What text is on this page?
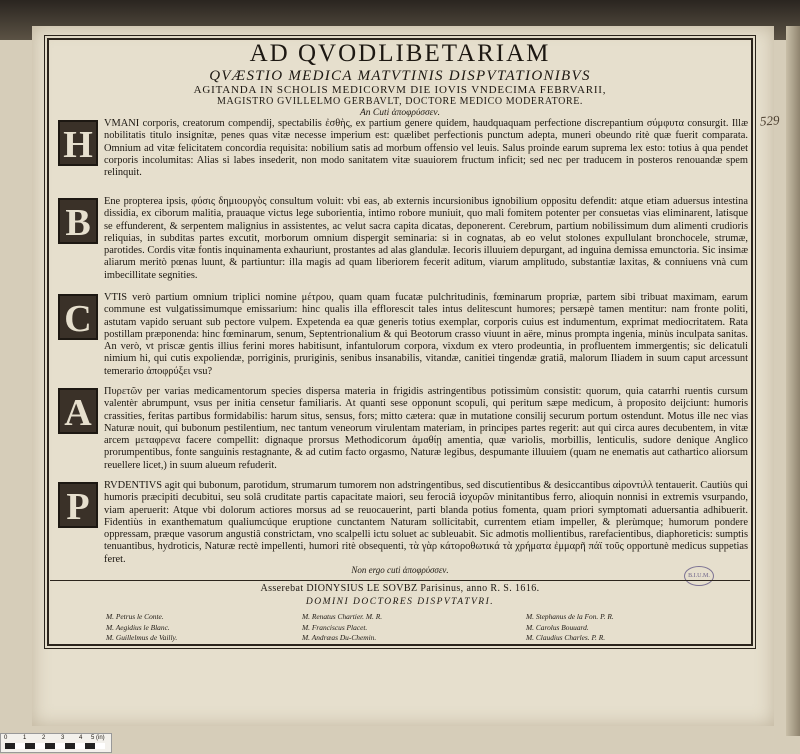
AD QVODLIBETARIAM

QVÆSTIO MEDICA MATVTINIS DISPVTATIONIBVS

AGITANDA IN SCHOLIS MEDICORVM DIE IOVIS VNDECIMA FEBRVARII,

MAGISTRO GVILLELMO GERBAVLT, DOCTORE MEDICO MODERATORE.

An Cuti ἀποφρύσσεν.	529
H

VMANI corporis, creatorum compendij, spectabilis ἐσθὴς, ex partium genere quidem, haudquaquam perfectione discrepantium σύμφυτα consurgit. Illæ nobilitatis titulo insignitæ, penes quas vitæ necesse imperium est: quælibet perfectionis punctum adepta, muneri obeundo ritè quæ fuerit comparata. Omnium ad vitæ felicitatem concordia requisita: nobilium satis ad morbum offensio vel leuis. Salus proinde earum suprema lex esto: totius à qua pendet corporis incolumitas: Alias si labes insederit, non modo sanitatem vitæ suauiorem fructum inficit; sed nec per traducem in posteros renouandæ spem relinquit.

B

Ene propterea ipsis, φύσις δημιουργὸς consultum voluit: vbi eas, ab externis incursionibus ignobilium oppositu defendit: atque etiam aduersus intestina dissidia, ex ciborum malitia, prauaque victus lege suborientia, intimo robore muniuit, quo mali fomitem potenter per consuetas vias eliminarent, latisque se effunderent, & serpentem malignius in assistentes, ac velut sacra capita dicatas, deponerent. Cerebrum, partium nobilissimum dum alimenti crudioris reliquias, in subditas partes excutit, morborum omnium dispergit seminaria: si in cognatas, ab eo velut stolones expullulant bronchocele, strumæ, parotides. Cordis vitæ fontis inquinamenta exhauriunt, prostantes ad alas glandulæ. Iecoris illuuiem depurgant, ad inguina demissa emunctoria. Sic insimæ aliarum meritò pœnas luunt, & partiuntur: illa magis ad quam liberiorem fecerit aditum, viarum amplitudo, substantiæ laxitas, & conniuens vnà cum imbecillitate segnities.

C

VTIS verò partium omnium triplici nomine μέτρου, quam quam fucatæ pulchritudinis, fœminarum propriæ, partem sibi tribuat maximam, earum commune est vulgatissimumque emissarium: hinc qualis illa efflorescit tales intus delitescunt humores; persæpè tamen mentitur: nam fronte politi, astutam vapido seruant sub pectore vulpem. Expetenda ea quæ generis totius exemplar, corporis cuius est indumentum, exprimat mediocritatem. Rata postillam præponenda: hinc fœminarum, senum, Septentrionalium & qui Beotorum crasso viuunt in aëre, minus prompta ingenia, minùs inculpata sanitas. An verò, vt priscæ gentis illius ferini mores habitisunt, infantulorum corpora, vixdum ex vtero prodeuntia, in profluentem immergentis; sic delicatuli nimium hi, qui cutis expoliendæ, porriginis, pruriginis, senibus insanabilis, vitandæ, canitiei tingendæ gratiâ, malorum Iliadem in suum caput arcessunt temerario ἀποφρύξει vsu?

A

Πυρετῶν per varias medicamentorum species dispersa materia in frigidis astringentibus potissimùm consistit: quorum, quia catarrhi ruentis cursum valentèr abrumpunt, vsus per initia censetur familiaris. At quanti sese opponunt scopuli, qui peritum sæpe medicum, à proposito deijciunt: humoris crassities, feritas partibus formidabilis: harum situs, sensus, fors; mitto cætera: quæ in mutatione consilij securum portum ostendunt. Motus ille nec vias Naturæ nouit, qui bubonum pestilentium, nec tantum veneorum virulentam materiam, in principes partes regerit: aut qui circa aures decubentem, in vitæ arcem μεταφρενα facere compellit: dignaque prorsus Methodicorum ἀμαθίῃ amentia, quæ variolis, morbillis, lenticulis, sudore denique Anglico prorumpentibus, fonte sanguinis restagnante, & ad cutim facto orgasmo, Naturæ legibus, despumante illuuiem (quam ne enematis aut cathartico aliorsum reuellere licet,) in suum alueum refuderit.

P

RVDENTIVS agit qui bubonum, parotidum, strumarum tumorem non adstringentibus, sed discutientibus & desiccantibus αἱροντιλλ tentauerit. Cautiùs qui humoris præcipiti decubitui, seu solâ cruditate partis capacitate maiori, seu ferociâ ἰσχυρῶν minitantibus ferro, alioquin nonnisi in extremis vsurpando, viam aperuerit: Atque vbi dolorum actiores morsus ad se reuocauerint, parti blanda potius fomenta, quam priori symptomati aduersantia adhibuerit. Fidentiùs in exanthematum qualiumcúque eruptione cunctantem Naturam sollicitabit, currentem etiam impeller, & plerùmque; humorum pondere oppressam, præque vasorum angustiâ constrictam, vno scalpelli ictu soluet ac subleuabit. Sic admotis mollientibus, rarefacientibus, diaphoreticis: sumptis tenuantibus, hydroticis, Naturæ rectè impellenti, humori ritè obsequenti, τὰ γὰρ κάτοροθωτικά τὰ χρήματα ἐμμαρῆ πάϊ τοῦς opportunè medicus suppetias feret.

Non ergo cuti ἀποφρύσσεν.
B.I.U.M.
Asserebat DIONYSIUS LE SOVBZ Parisinus, anno R. S. 1616.
DOMINI DOCTORES DISPVTATVRI.
M. Petrus le Conte.
M. Aegidius le Blanc.
M. Guillelmus de Vailly.
M. Renatus Chartier. M. R.
M. Franciscus Placet.
M. Andræas Du-Chemin.
M. Stephanus de la Fon. P. R.
M. Carolus Bouuard.
M. Claudius Charles. P. R.
0	1	2	3 4 5 (in)
